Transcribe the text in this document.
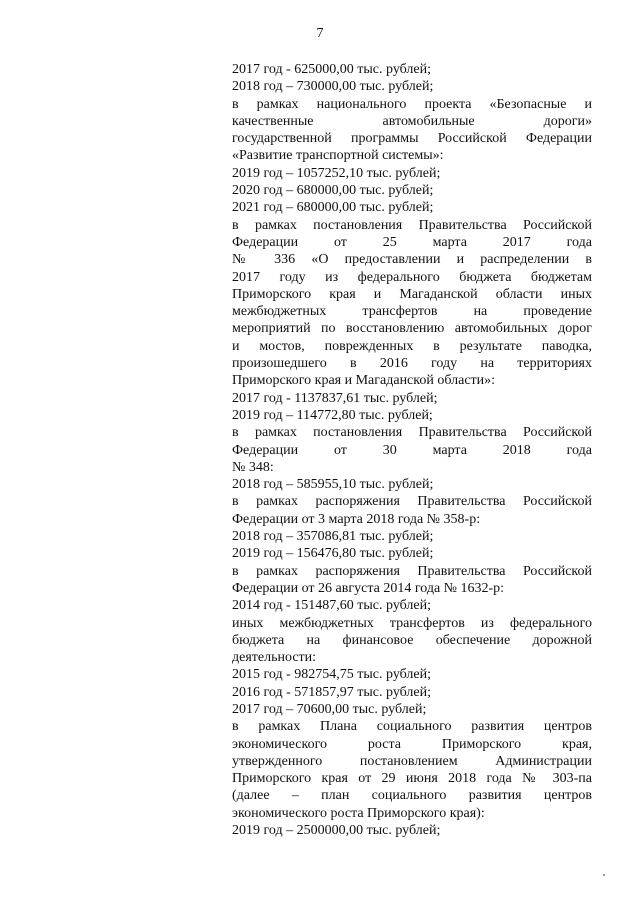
7
2017 год - 625000,00 тыс. рублей;
2018 год – 730000,00 тыс. рублей;
в рамках национального проекта «Безопасные и
качественные автомобильные дороги»
государственной программы Российской Федерации
«Развитие транспортной системы»:
2019 год – 1057252,10 тыс. рублей;
2020 год – 680000,00 тыс. рублей;
2021 год – 680000,00 тыс. рублей;
в рамках постановления Правительства Российской
Федерации от 25 марта 2017 года
№ 336 «О предоставлении и распределении в
2017 году из федерального бюджета бюджетам
Приморского края и Магаданской области иных
межбюджетных трансфертов на проведение
мероприятий по восстановлению автомобильных дорог
и мостов, поврежденных в результате паводка,
произошедшего в 2016 году на территориях
Приморского края и Магаданской области»:
2017 год - 1137837,61 тыс. рублей;
2019 год – 114772,80 тыс. рублей;
в рамках постановления Правительства Российской
Федерации от 30 марта 2018 года
№ 348:
2018 год – 585955,10 тыс. рублей;
в рамках распоряжения Правительства Российской
Федерации от 3 марта 2018 года № 358-р:
2018 год – 357086,81 тыс. рублей;
2019 год – 156476,80 тыс. рублей;
в рамках распоряжения Правительства Российской
Федерации от 26 августа 2014 года № 1632-р:
2014 год - 151487,60 тыс. рублей;
иных межбюджетных трансфертов из федерального
бюджета на финансовое обеспечение дорожной
деятельности:
2015 год - 982754,75 тыс. рублей;
2016 год - 571857,97 тыс. рублей;
2017 год – 70600,00 тыс. рублей;
в рамках Плана социального развития центров
экономического роста Приморского края,
утвержденного постановлением Администрации
Приморского края от 29 июня 2018 года № 303-па
(далее – план социального развития центров
экономического роста Приморского края):
2019 год – 2500000,00 тыс. рублей;
